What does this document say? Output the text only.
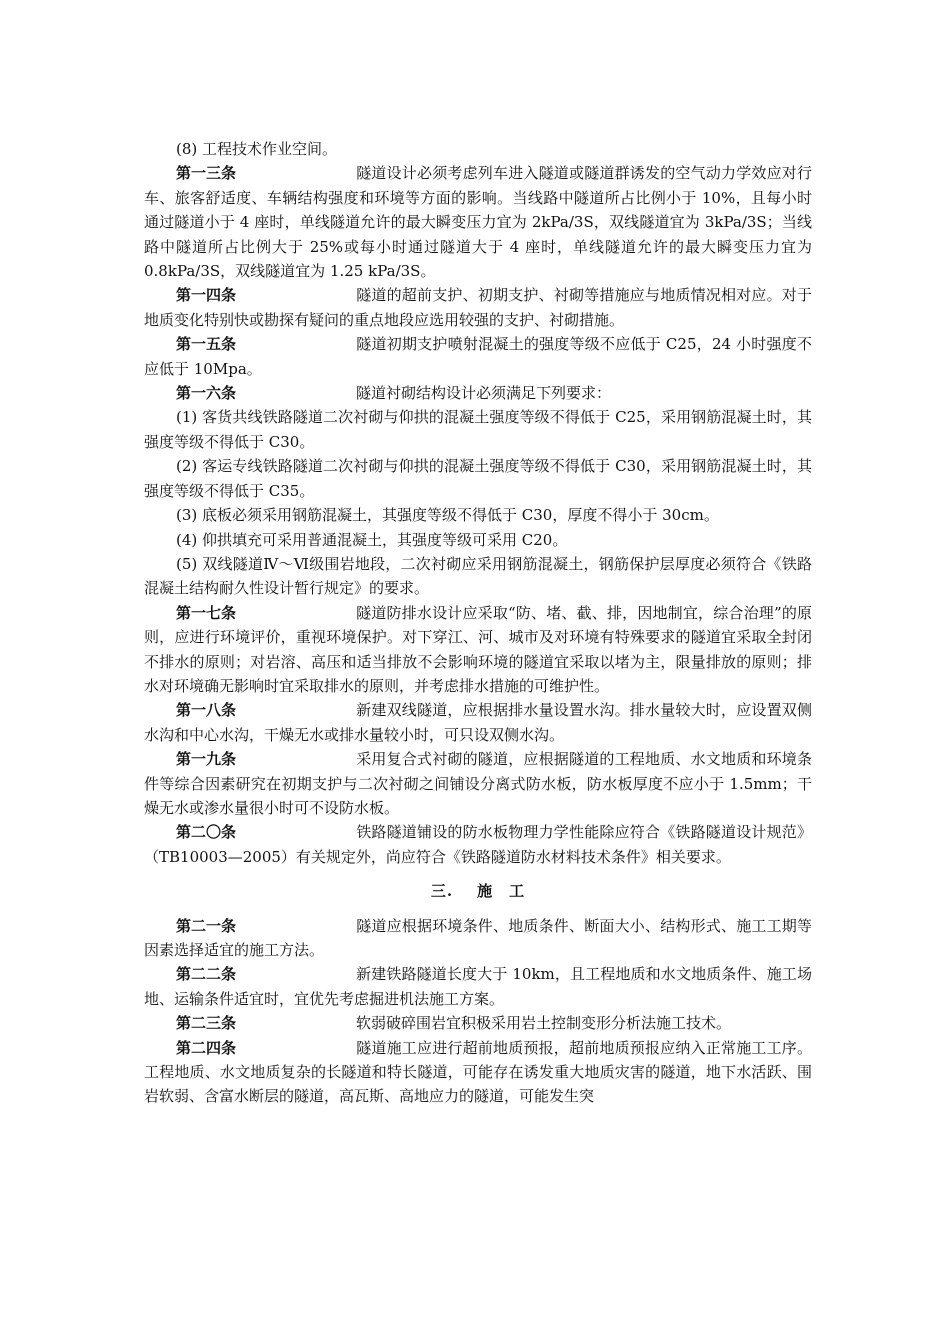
(8) 工程技术作业空间。

第一三条	隧道设计必须考虑列车进入隧道或隧道群诱发的空气动力学效应对行车、旅客舒适度、车辆结构强度和环境等方面的影响。当线路中隧道所占比例小于 10%，且每小时通过隧道小于 4 座时，单线隧道允许的最大瞬变压力宜为 2kPa/3S，双线隧道宜为 3kPa/3S；当线路中隧道所占比例大于 25%或每小时通过隧道大于 4 座时，单线隧道允许的最大瞬变压力宜为 0.8kPa/3S，双线隧道宜为 1.25 kPa/3S。

第一四条	隧道的超前支护、初期支护、衬砌等措施应与地质情况相对应。对于地质变化特别快或勘探有疑问的重点地段应选用较强的支护、衬砌措施。

第一五条	隧道初期支护喷射混凝土的强度等级不应低于 C25，24 小时强度不应低于 10Mpa。

第一六条	隧道衬砌结构设计必须满足下列要求：

(1) 客货共线铁路隧道二次衬砌与仰拱的混凝土强度等级不得低于 C25，采用钢筋混凝土时，其强度等级不得低于 C30。

(2) 客运专线铁路隧道二次衬砌与仰拱的混凝土强度等级不得低于 C30，采用钢筋混凝土时，其强度等级不得低于 C35。

(3) 底板必须采用钢筋混凝土，其强度等级不得低于 C30，厚度不得小于 30cm。

(4) 仰拱填充可采用普通混凝土，其强度等级可采用 C20。

(5) 双线隧道Ⅳ～Ⅵ级围岩地段，二次衬砌应采用钢筋混凝土，钢筋保护层厚度必须符合《铁路混凝土结构耐久性设计暂行规定》的要求。

第一七条	隧道防排水设计应采取“防、堵、截、排，因地制宜，综合治理”的原则，应进行环境评价，重视环境保护。对下穿江、河、城市及对环境有特殊要求的隧道宜采取全封闭不排水的原则；对岩溶、高压和适当排放不会影响环境的隧道宜采取以堵为主，限量排放的原则；排水对环境确无影响时宜采取排水的原则，并考虑排水措施的可维护性。

第一八条	新建双线隧道，应根据排水量设置水沟。排水量较大时，应设置双侧水沟和中心水沟，干燥无水或排水量较小时，可只设双侧水沟。

第一九条	采用复合式衬砌的隧道，应根据隧道的工程地质、水文地质和环境条件等综合因素研究在初期支护与二次衬砌之间铺设分离式防水板，防水板厚度不应小于 1.5mm；干燥无水或渗水量很小时可不设防水板。

第二〇条	铁路隧道铺设的防水板物理力学性能除应符合《铁路隧道设计规范》（TB10003—2005）有关规定外，尚应符合《铁路隧道防水材料技术条件》相关要求。

三. 施　工

第二一条	隧道应根据环境条件、地质条件、断面大小、结构形式、施工工期等因素选择适宜的施工方法。

第二二条	新建铁路隧道长度大于 10km，且工程地质和水文地质条件、施工场地、运输条件适宜时，宜优先考虑掘进机法施工方案。

第二三条	软弱破碎围岩宜积极采用岩土控制变形分析法施工技术。

第二四条	隧道施工应进行超前地质预报，超前地质预报应纳入正常施工工序。工程地质、水文地质复杂的长隧道和特长隧道，可能存在诱发重大地质灾害的隧道，地下水活跃、围岩软弱、含富水断层的隧道，高瓦斯、高地应力的隧道，可能发生突
